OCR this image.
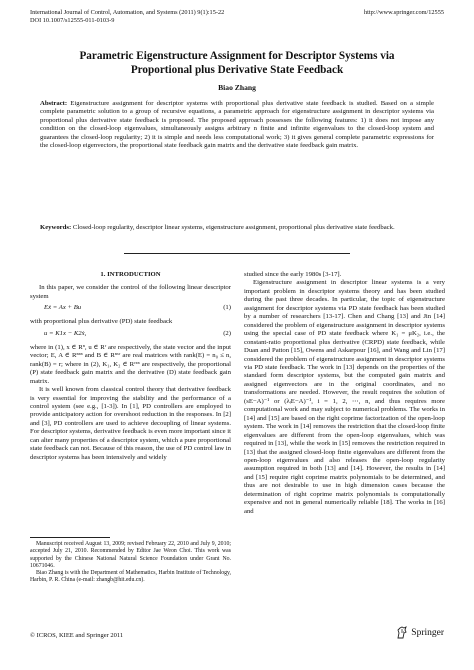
International Journal of Control, Automation, and Systems (2011) 9(1):15-22
DOI 10.1007/s12555-011-0103-9
http://www.springer.com/12555
Parametric Eigenstructure Assignment for Descriptor Systems via
Proportional plus Derivative State Feedback
Biao Zhang
Abstract: Eigenstructure assignment for descriptor systems with proportional plus derivative state feedback is studied. Based on a simple complete parametric solution to a group of recursive equations, a parametric approach for eigenstructure assignment in descriptor systems via proportional plus derivative state feedback is proposed. The proposed approach possesses the following features: 1) it does not impose any condition on the closed-loop eigenvalues, simultaneously assigns arbitrary n finite and infinite eigenvalues to the closed-loop system and guarantees the closed-loop regularity; 2) it is simple and needs less computational work; 3) it gives general complete parametric expressions for the closed-loop eigenvectors, the proportional state feedback gain matrix and the derivative state feedback gain matrix.
Keywords: Closed-loop regularity, descriptor linear systems, eigenstructure assignment, proportional plus derivative state feedback.
1. INTRODUCTION

In this paper, we consider the control of the following linear descriptor system

Eẋ = Ax + Bu	(1)

with proportional plus derivative (PD) state feedback

u = K1x − K2ẋ,	(2)

where in (1), x ∈ Rⁿ, u ∈ Rʳ are respectively, the state vector and the input vector; E, A ∈ Rⁿˣⁿ and B ∈ Rⁿˣʳ are real matrices with rank(E) = n₀ ≤ n, rank(B) = r; where in (2), K₁, K₂ ∈ Rʳˣⁿ are respectively, the proportional (P) state feedback gain matrix and the derivative (D) state feedback gain matrix.

It is well known from classical control theory that derivative feedback is very essential for improving the stability and the performance of a control system (see e.g., [1-3]). In [1], PD controllers are employed to provide anticipatory action for overshoot reduction in the responses. In [2] and [3], PD controllers are used to achieve decoupling of linear systems. For descriptor systems, derivative feedback is even more important since it can alter many properties of a descriptor system, which a pure proportional state feedback can not. Because of this reason, the use of PD control law in descriptor systems has been intensively and widely

Manuscript received August 13, 2009; revised February 22, 2010 and July 9, 2010; accepted July 21, 2010. Recommended by Editor Jae Weon Choi. This work was supported by the Chinese National Natural Science Foundation under Grant No. 10671046.

Biao Zhang is with the Department of Mathematics, Harbin Institute of Technology, Harbin, P. R. China (e-mail: zhangb@hit.edu.cn).

studied since the early 1980s [3-17].

Eigenstructure assignment in descriptor linear systems is a very important problem in descriptor systems theory and has been studied during the past three decades. In particular, the topic of eigenstructure assignment for descriptor systems via PD state feedback has been studied by a number of researchers [13-17]. Chen and Chang [13] and Jin [14] considered the problem of eigenstructure assignment in descriptor systems using the special case of PD state feedback where K₁ = μK₂, i.e., the constant-ratio proportional plus derivative (CRPD) state feedback, while Duan and Patton [15], Owens and Askarpour [16], and Wang and Lin [17] considered the problem of eigenstructure assignment in descriptor systems via PD state feedback. The work in [13] depends on the properties of the standard form descriptor systems, but the computed gain matrix and assigned eigenvectors are in the original coordinates, and no transformations are needed. However, the result requires the solution of (sE−A)⁻¹ or (λᵢE−A)⁻¹, i = 1, 2, ⋯, n, and thus requires more computational work and may subject to numerical problems. The works in [14] and [15] are based on the right coprime factorization of the open-loop system. The work in [14] removes the restriction that the closed-loop finite eigenvalues are different from the open-loop eigenvalues, which was required in [13], while the work in [15] removes the restriction required in [13] that the assigned closed-loop finite eigenvalues are different from the open-loop eigenvalues and also releases the open-loop regularity assumption required in both [13] and [14]. However, the results in [14] and [15] require right coprime matrix polynomials to be determined, and thus are not desirable to use in high dimension cases because the determination of right coprime matrix polynomials is computationally expensive and not in general numerically reliable [18]. The works in [16] and

© ICROS, KIEE and Springer 2011	Springer
